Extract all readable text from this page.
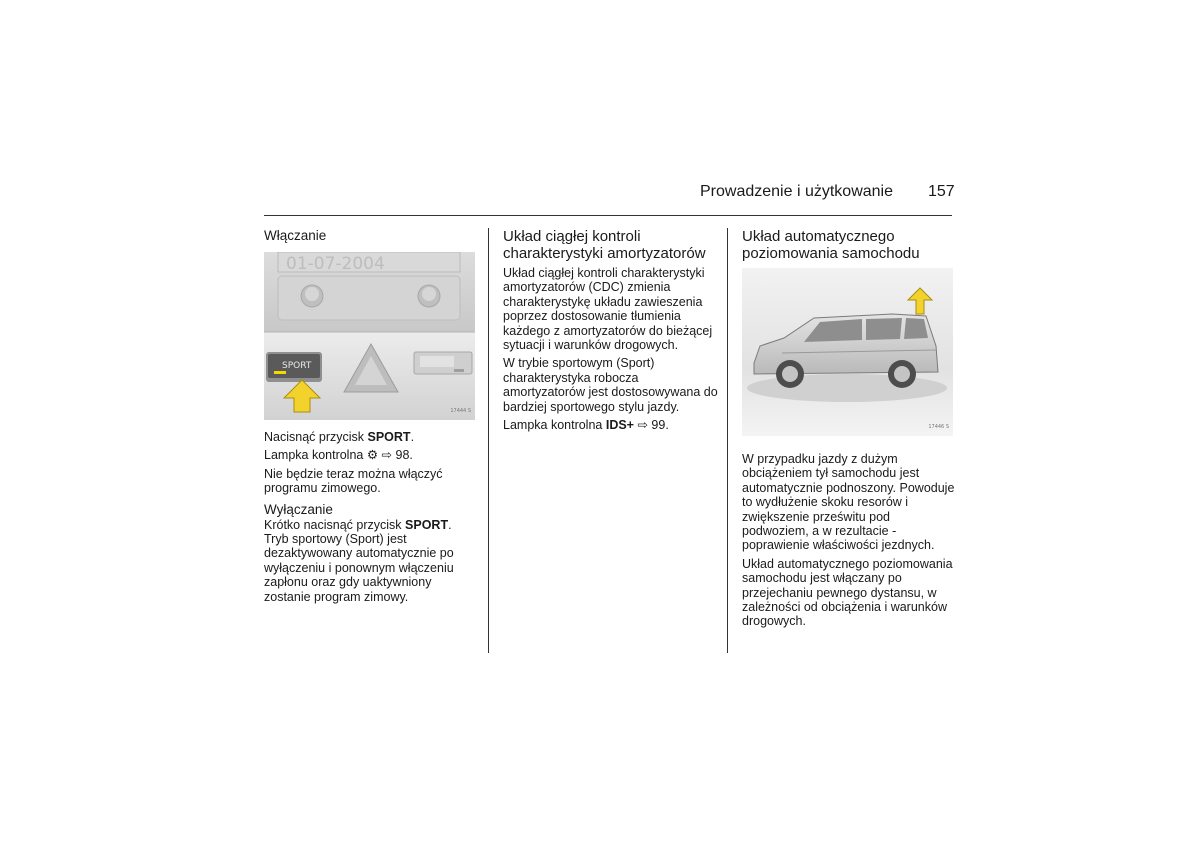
Prowadzenie i użytkowanie 157
Włączanie
01-07-2004
SPORT
17444 S

Nacisnąć przycisk SPORT.

Lampka kontrolna ⚙ ⇨ 98.

Nie będzie teraz można włączyć programu zimowego.

Wyłączanie

Krótko nacisnąć przycisk SPORT.

Tryb sportowy (Sport) jest dezaktywowany automatycznie po wyłączeniu i ponownym włączeniu zapłonu oraz gdy uaktywniony zostanie program zimowy.

Układ ciągłej kontroli charakterystyki amortyzatorów

Układ ciągłej kontroli charakterystyki amortyzatorów (CDC) zmienia charakterystykę układu zawieszenia poprzez dostosowanie tłumienia każdego z amortyzatorów do bieżącej sytuacji i warunków drogowych.

W trybie sportowym (Sport) charakterystyka robocza amortyzatorów jest dostosowywana do bardziej sportowego stylu jazdy.

Lampka kontrolna IDS+ ⇨ 99.

Układ automatycznego poziomowania samochodu
17446 S

W przypadku jazdy z dużym obciążeniem tył samochodu jest automatycznie podnoszony. Powoduje to wydłużenie skoku resorów i zwiększenie prześwitu pod podwoziem, a w rezultacie - poprawienie właściwości jezdnych.

Układ automatycznego poziomowania samochodu jest włączany po przejechaniu pewnego dystansu, w zależności od obciążenia i warunków drogowych.
